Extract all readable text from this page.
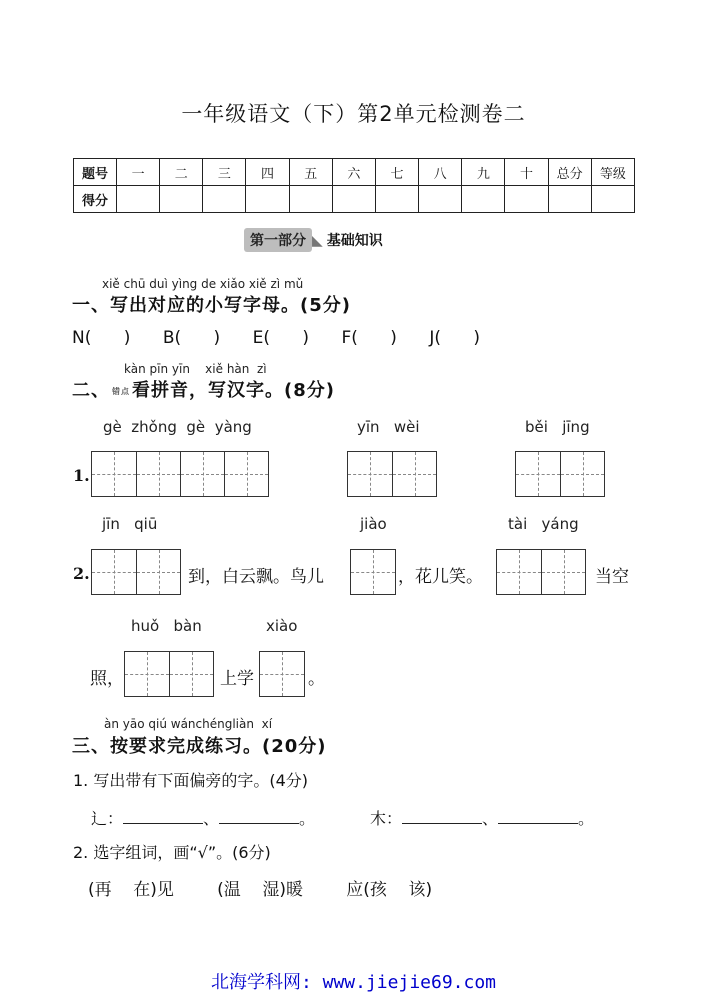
一年级语文（下）第2单元检测卷二
题号	一	二	三	四	五	六	七	八	九	十	总分	等级
得分												
第一部分 ◣ 基础知识
xiě chū duì yìng de xiǎo xiě zì mǔ
一、写出对应的小写字母。(5分)
N(      )      B(      )      E(      )      F(      )      J(      )
kàn pīn yīn    xiě hàn  zì
二、 错点 看拼音，写汉字。(8分)
gè  zhǒng  gè  yàng	yīn   wèi	běi   jīng
1.
jīn   qiū	jiào	tài   yáng
2.	到，白云飘。鸟儿	，花儿笑。	当空
huǒ   bàn	xiào
照，	上学	。
àn yāo qiú wánchéngliàn  xí
三、按要求完成练习。(20分)
1. 写出带有下面偏旁的字。(4分)
辶：	、	。	木：	、	。
2. 选字组词，画“√”。(6分)
(再    在)见        (温    湿)暖        应(孩    该)
北海学科网: www.jiejie69.com
